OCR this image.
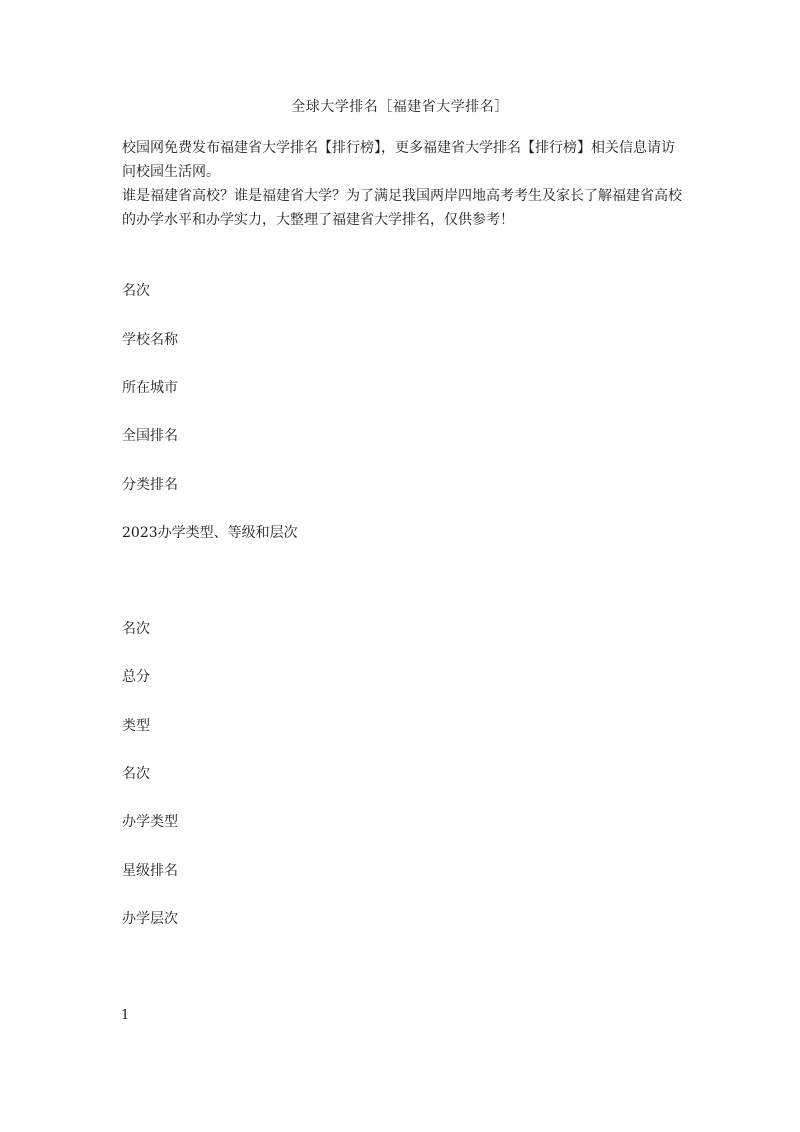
全球大学排名［福建省大学排名］

校园网免费发布福建省大学排名【排行榜】，更多福建省大学排名【排行榜】相关信息请访问校园生活网。

谁是福建省高校？谁是福建省大学？为了满足我国两岸四地高考考生及家长了解福建省高校的办学水平和办学实力，大整理了福建省大学排名，仅供参考！

名次
学校名称
所在城市
全国排名
分类排名
2023办学类型、等级和层次
名次
总分
类型
名次
办学类型
星级排名
办学层次
1
